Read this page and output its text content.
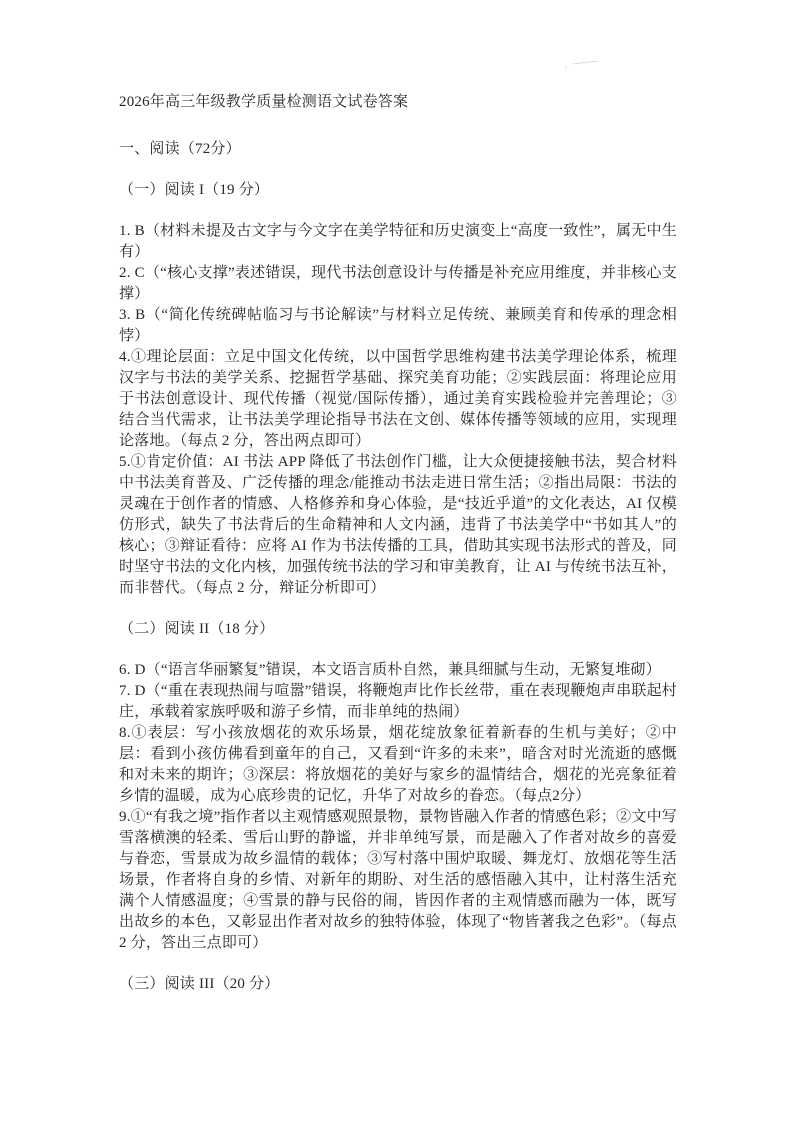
2026年高三年级教学质量检测语文试卷答案

一、阅读（72分）

（一）阅读 I（19 分）

1. B（材料未提及古文字与今文字在美学特征和历史演变上“高度一致性”，属无中生有）

2. C（“核心支撑”表述错误，现代书法创意设计与传播是补充应用维度，并非核心支撑）

3. B（“简化传统碑帖临习与书论解读”与材料立足传统、兼顾美育和传承的理念相悖）

4.①理论层面：立足中国文化传统，以中国哲学思维构建书法美学理论体系，梳理汉字与书法的美学关系、挖掘哲学基础、探究美育功能；②实践层面：将理论应用于书法创意设计、现代传播（视觉/国际传播），通过美育实践检验并完善理论；③结合当代需求，让书法美学理论指导书法在文创、媒体传播等领域的应用，实现理论落地。（每点 2 分，答出两点即可）

5.①肯定价值：AI 书法 APP 降低了书法创作门槛，让大众便捷接触书法，契合材料中书法美育普及、广泛传播的理念/能推动书法走进日常生活；②指出局限：书法的灵魂在于创作者的情感、人格修养和身心体验，是“技近乎道”的文化表达，AI 仅模仿形式，缺失了书法背后的生命精神和人文内涵，违背了书法美学中“书如其人”的核心；③辩证看待：应将 AI 作为书法传播的工具，借助其实现书法形式的普及，同时坚守书法的文化内核，加强传统书法的学习和审美教育，让 AI 与传统书法互补，而非替代。（每点 2 分，辩证分析即可）

（二）阅读 II（18 分）

6. D（“语言华丽繁复”错误，本文语言质朴自然，兼具细腻与生动，无繁复堆砌）

7. D（“重在表现热闹与喧嚣”错误，将鞭炮声比作长丝带，重在表现鞭炮声串联起村庄，承载着家族呼吸和游子乡情，而非单纯的热闹）

8.①表层：写小孩放烟花的欢乐场景，烟花绽放象征着新春的生机与美好；②中层：看到小孩仿佛看到童年的自己，又看到“许多的未来”，暗含对时光流逝的感慨和对未来的期许；③深层：将放烟花的美好与家乡的温情结合，烟花的光亮象征着乡情的温暖，成为心底珍贵的记忆，升华了对故乡的眷恋。（每点2分）

9.①“有我之境”指作者以主观情感观照景物，景物皆融入作者的情感色彩；②文中写雪落横澳的轻柔、雪后山野的静谧，并非单纯写景，而是融入了作者对故乡的喜爱与眷恋，雪景成为故乡温情的载体；③写村落中围炉取暖、舞龙灯、放烟花等生活场景，作者将自身的乡情、对新年的期盼、对生活的感悟融入其中，让村落生活充满个人情感温度；④雪景的静与民俗的闹，皆因作者的主观情感而融为一体，既写出故乡的本色，又彰显出作者对故乡的独特体验，体现了“物皆著我之色彩”。（每点 2 分，答出三点即可）

（三）阅读 III（20 分）
